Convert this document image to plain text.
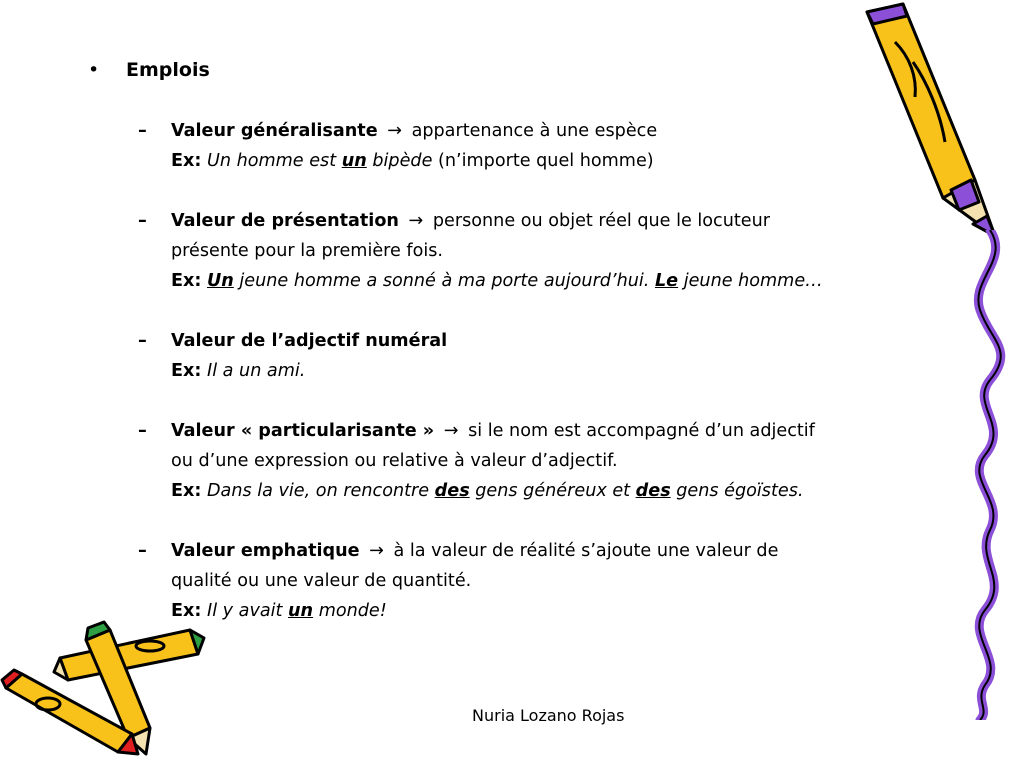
• Emplois
– Valeur généralisante → appartenance à une espèce
Ex: Un homme est un bipède (n’importe quel homme)
– Valeur de présentation → personne ou objet réel que le locuteur
présente pour la première fois.
Ex: Un jeune homme a sonné à ma porte aujourd’hui. Le jeune homme…
– Valeur de l’adjectif numéral
Ex: Il a un ami.
– Valeur « particularisante » → si le nom est accompagné d’un adjectif
ou d’une expression ou relative à valeur d’adjectif.
Ex: Dans la vie, on rencontre des gens généreux et des gens égoïstes.
– Valeur emphatique → à la valeur de réalité s’ajoute une valeur de
qualité ou une valeur de quantité.
Ex: Il y avait un monde!
Nuria Lozano Rojas
